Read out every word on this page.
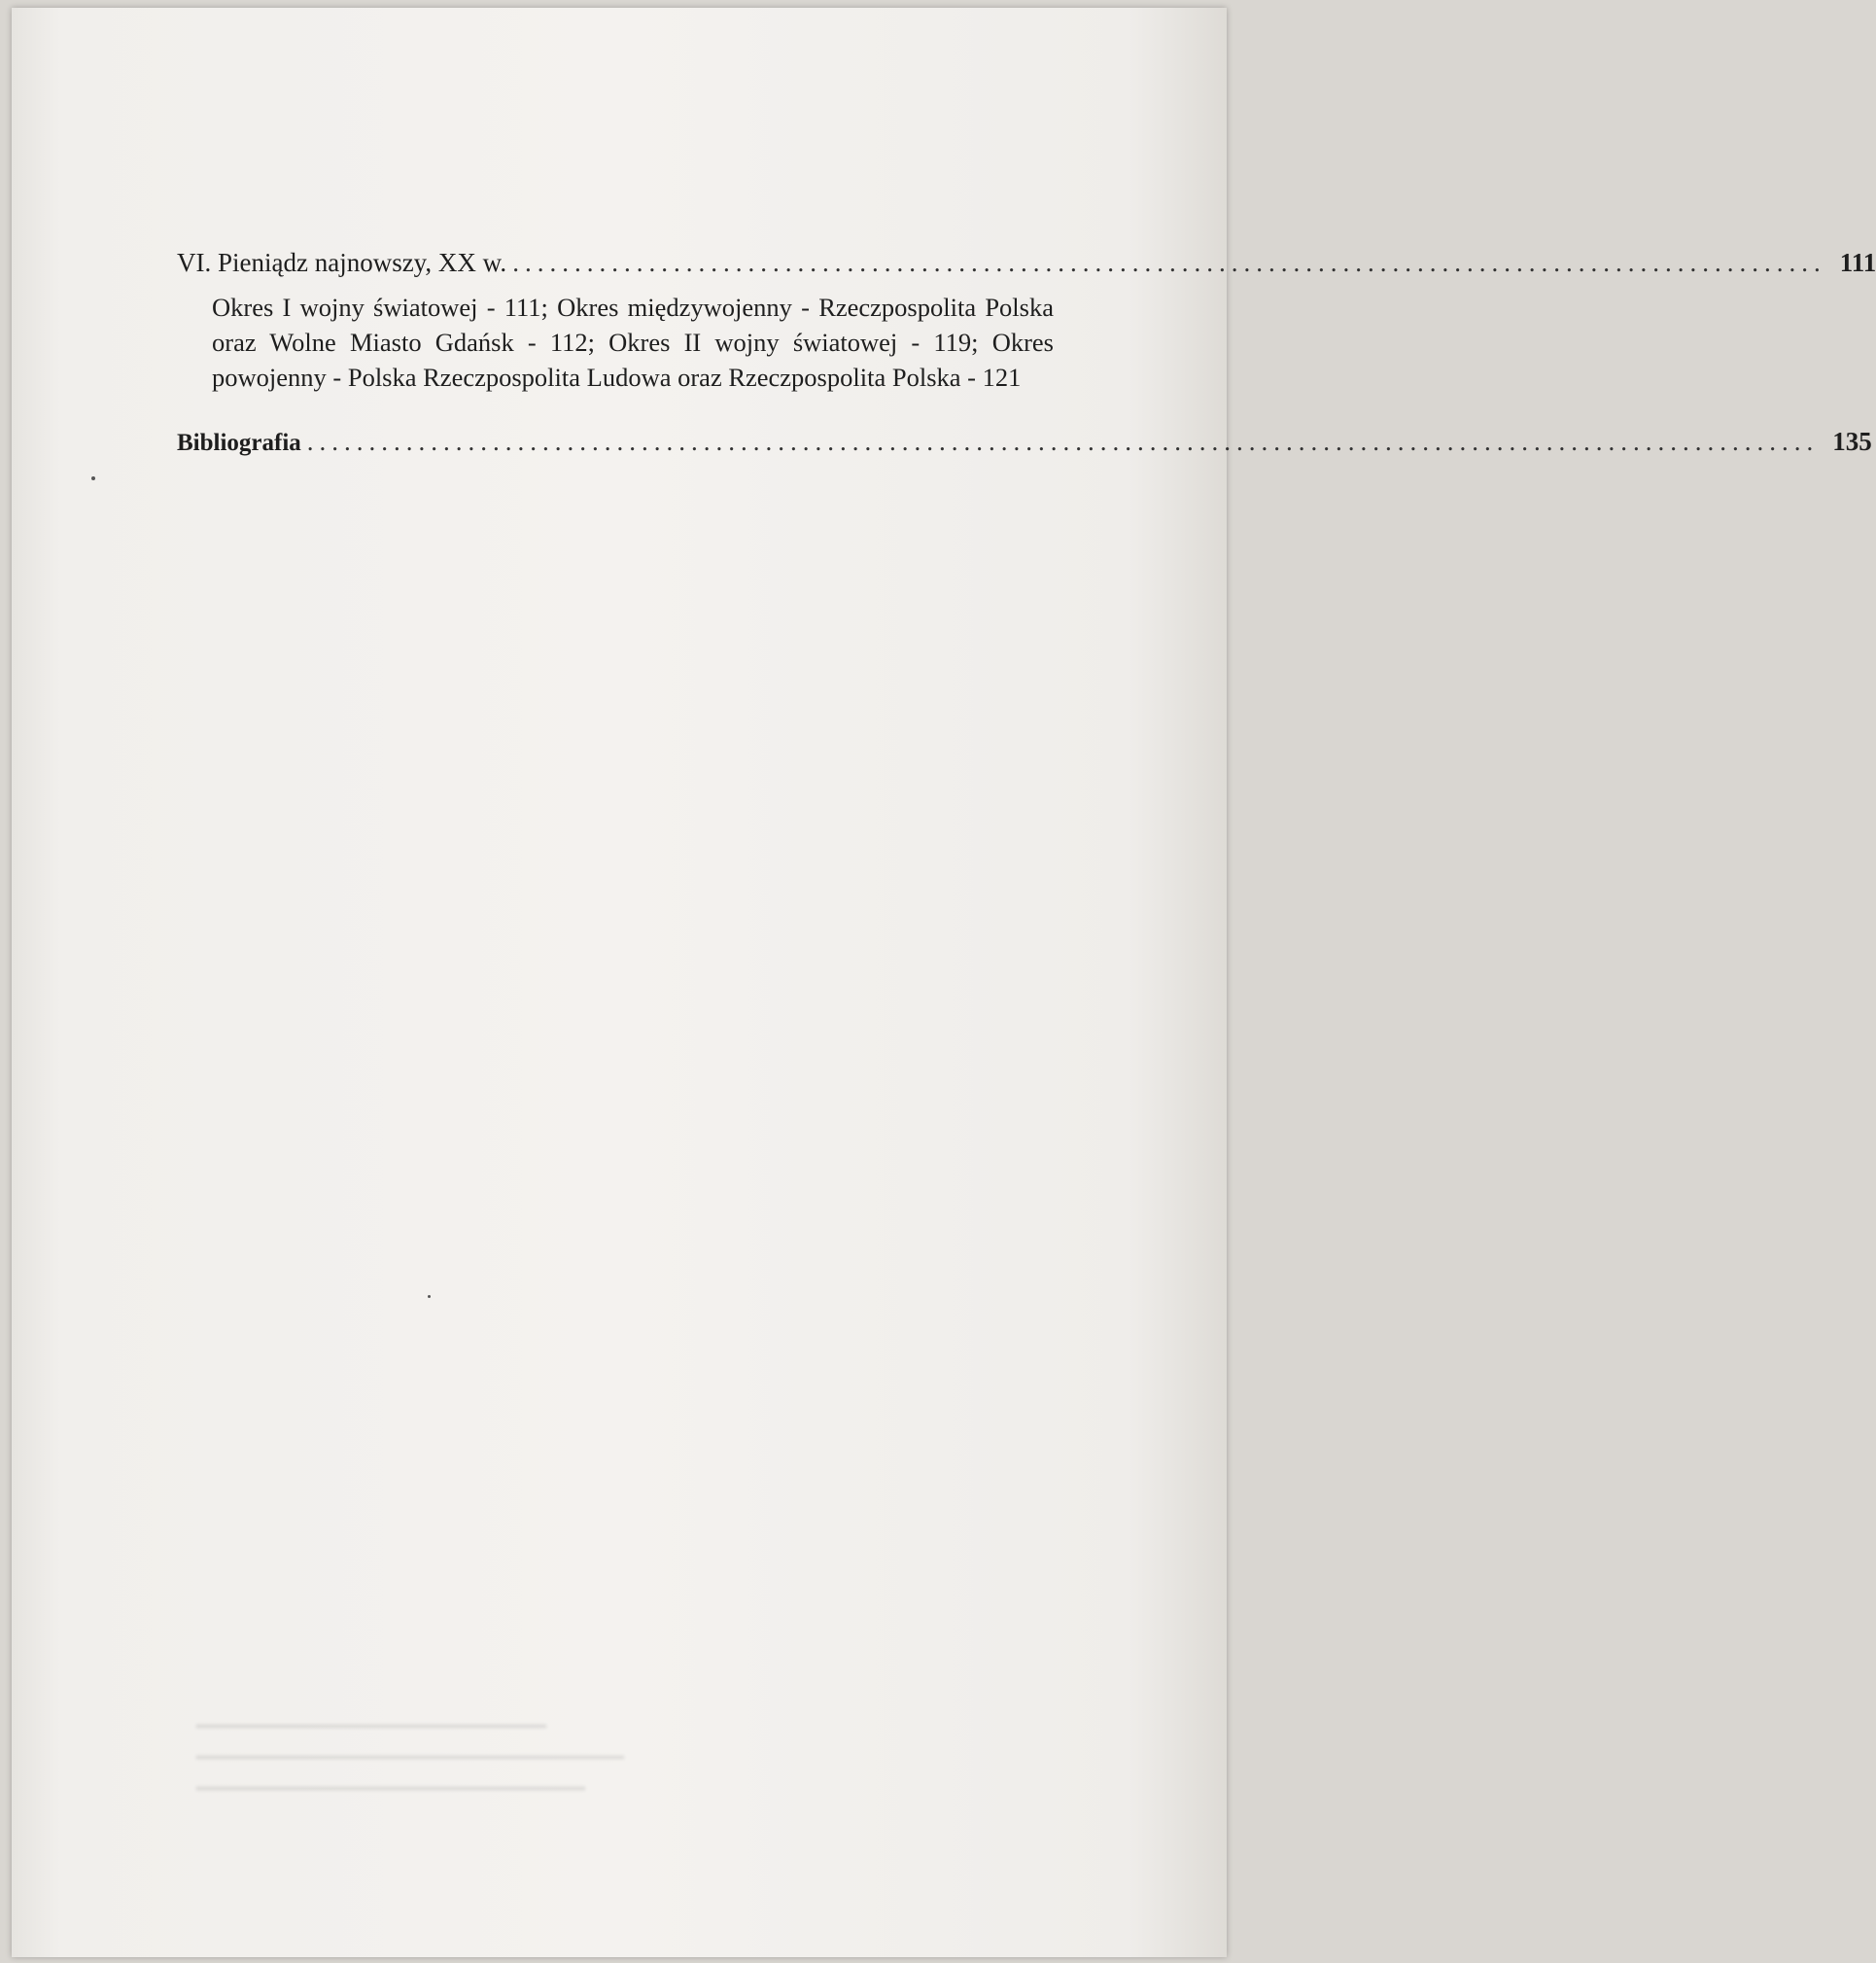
▁▁▁▁▁▁▁▁▁▁▁▁▁▁▁▁▁▁▁▁
▁▁▁▁▁▁▁▁▁▁▁▁▁▁▁▁▁▁▁▁▁▁
▁▁▁▁▁▁▁▁▁▁▁▁▁▁▁▁▁▁
VI. Pieniądz najnowszy, XX w. .......................................................................................................... 111
Okres I wojny światowej - 111; Okres międzywojenny - Rzeczpospolita Polska oraz Wolne Miasto Gdańsk - 112; Okres II wojny światowej - 119; Okres powojenny - Polska Rzeczpospolita Ludowa oraz Rzeczpospolita Polska - 121
Bibliografia .......................................................................................................................... 135
